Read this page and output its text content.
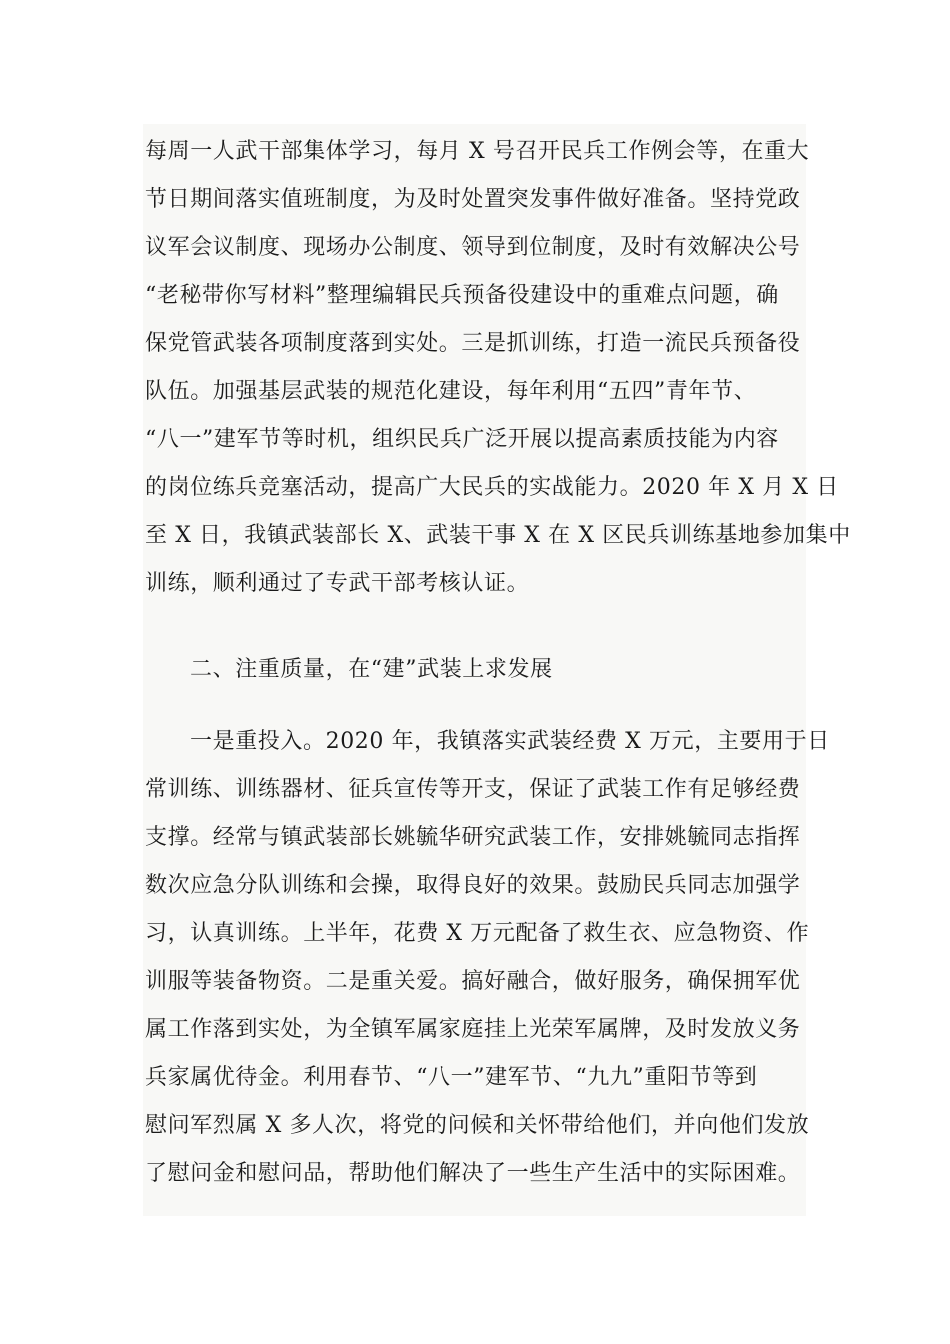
每周一人武干部集体学习，每月 X 号召开民兵工作例会等，在重大
节日期间落实值班制度，为及时处置突发事件做好准备。坚持党政
议军会议制度、现场办公制度、领导到位制度，及时有效解决公号
“老秘带你写材料”整理编辑民兵预备役建设中的重难点问题，确
保党管武装各项制度落到实处。三是抓训练，打造一流民兵预备役
队伍。加强基层武装的规范化建设，每年利用“五四”青年节、
“八一”建军节等时机，组织民兵广泛开展以提高素质技能为内容
的岗位练兵竞塞活动，提高广大民兵的实战能力。2020 年 X 月 X 日
至 X 日，我镇武装部长 X、武装干事 X 在 X 区民兵训练基地参加集中
训练，顺利通过了专武干部考核认证。
二、注重质量，在“建”武装上求发展
一是重投入。2020 年，我镇落实武装经费 X 万元，主要用于日
常训练、训练器材、征兵宣传等开支，保证了武装工作有足够经费
支撑。经常与镇武装部长姚毓华研究武装工作，安排姚毓同志指挥
数次应急分队训练和会操，取得良好的效果。鼓励民兵同志加强学
习，认真训练。上半年，花费 X 万元配备了救生衣、应急物资、作
训服等装备物资。二是重关爱。搞好融合，做好服务，确保拥军优
属工作落到实处，为全镇军属家庭挂上光荣军属牌，及时发放义务
兵家属优待金。利用春节、“八一”建军节、“九九”重阳节等到
慰问军烈属 X 多人次，将党的问候和关怀带给他们，并向他们发放
了慰问金和慰问品，帮助他们解决了一些生产生活中的实际困难。
